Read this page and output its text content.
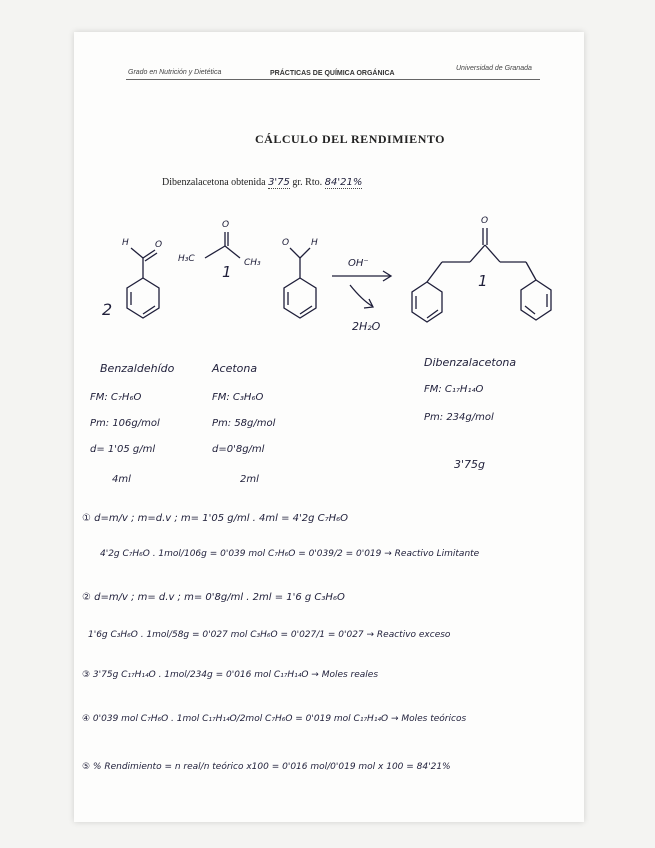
Grado en Nutrición y Dietética	PRÁCTICAS DE QUÍMICA ORGÁNICA
Universidad de Granada
CÁLCULO DEL RENDIMIENTO
Dibenzalacetona obtenida 3'75 gr. Rto. 84'21%
H	O
2
H₃C	CH₃
O
1
O H
OH⁻
2H₂O
O
1
Benzaldehído
FM: C₇H₆O
Pm: 106g/mol
d= 1'05 g/ml
4ml
Acetona
FM: C₃H₆O
Pm: 58g/mol
d=0'8g/ml
2ml
Dibenzalacetona
FM: C₁₇H₁₄O
Pm: 234g/mol
3'75g
① d=m/v ; m=d.v ; m= 1'05 g/ml . 4ml = 4'2g C₇H₆O
4'2g C₇H₆O . 1mol/106g = 0'039 mol C₇H₆O = 0'039/2 = 0'019 → Reactivo Limitante
② d=m/v ; m= d.v ; m= 0'8g/ml . 2ml = 1'6 g C₃H₆O
1'6g C₃H₆O . 1mol/58g = 0'027 mol C₃H₆O = 0'027/1 = 0'027 → Reactivo exceso
③ 3'75g C₁₇H₁₄O . 1mol/234g = 0'016 mol C₁₇H₁₄O → Moles reales
④ 0'039 mol C₇H₆O . 1mol C₁₇H₁₄O/2mol C₇H₆O = 0'019 mol C₁₇H₁₄O → Moles teóricos
⑤ % Rendimiento = n real/n teórico x100 = 0'016 mol/0'019 mol x 100 = 84'21%
